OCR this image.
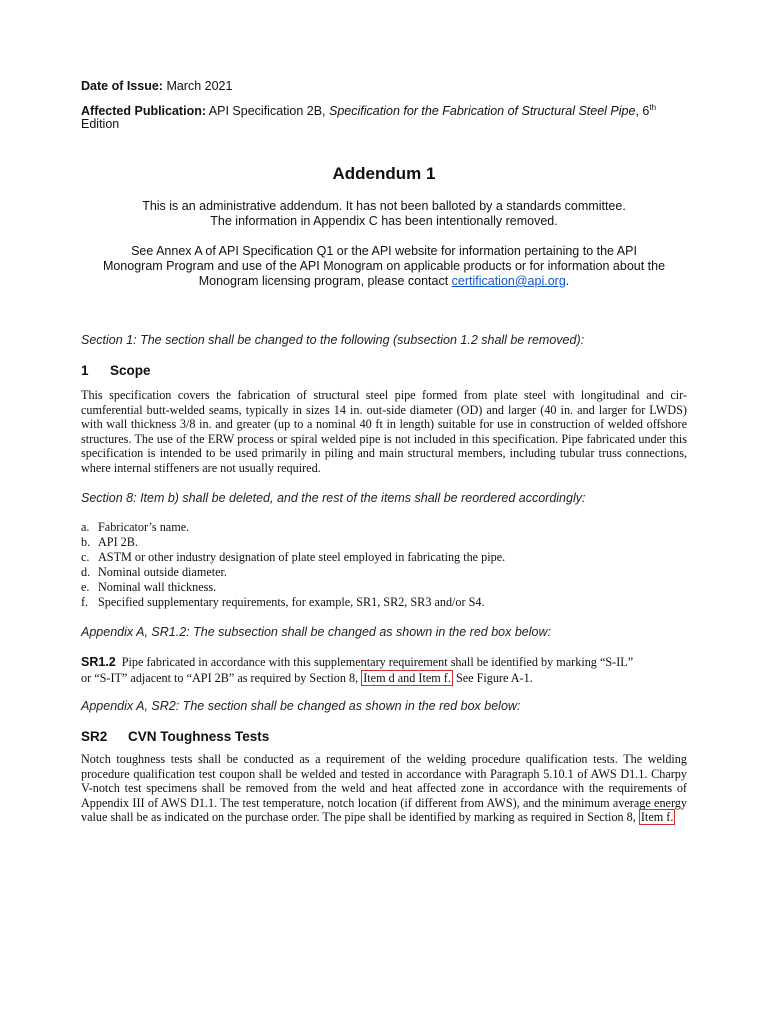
Date of Issue: March 2021
Affected Publication: API Specification 2B, Specification for the Fabrication of Structural Steel Pipe, 6th
Edition
Addendum 1
This is an administrative addendum. It has not been balloted by a standards committee.
The information in Appendix C has been intentionally removed.
See Annex A of API Specification Q1 or the API website for information pertaining to the API Monogram Program and use of the API Monogram on applicable products or for information about the Monogram licensing program, please contact certification@api.org.
Section 1: The section shall be changed to the following (subsection 1.2 shall be removed):
1 Scope
This specification covers the fabrication of structural steel pipe formed from plate steel with longitudinal and cir-cumferential butt-welded seams, typically in sizes 14 in. out-side diameter (OD) and larger (40 in. and larger for LWDS) with wall thickness 3/8 in. and greater (up to a nominal 40 ft in length) suitable for use in construction of welded offshore structures. The use of the ERW process or spiral welded pipe is not included in this specification. Pipe fabricated under this specification is intended to be used primarily in piling and main structural members, including tubular truss connections, where internal stiffeners are not usually required.
Section 8: Item b) shall be deleted, and the rest of the items shall be reordered accordingly:
a. Fabricator’s name.
b. API 2B.
c. ASTM or other industry designation of plate steel employed in fabricating the pipe.
d. Nominal outside diameter.
e. Nominal wall thickness.
f. Specified supplementary requirements, for example, SR1, SR2, SR3 and/or S4.
Appendix A, SR1.2: The subsection shall be changed as shown in the red box below:
SR1.2 Pipe fabricated in accordance with this supplementary requirement shall be identified by marking “S-IL”
or “S-IT” adjacent to “API 2B” as required by Section 8, Item d and Item f. See Figure A-1.
Appendix A, SR2: The section shall be changed as shown in the red box below:
SR2 CVN Toughness Tests
Notch toughness tests shall be conducted as a requirement of the welding procedure qualification tests. The welding procedure qualification test coupon shall be welded and tested in accordance with Paragraph 5.10.1 of AWS D1.1. Charpy V-notch test specimens shall be removed from the weld and heat affected zone in accordance with the requirements of Appendix III of AWS D1.1. The test temperature, notch location (if different from AWS), and the minimum average energy value shall be as indicated on the purchase order. The pipe shall be identified by marking as required in Section 8, Item f.
